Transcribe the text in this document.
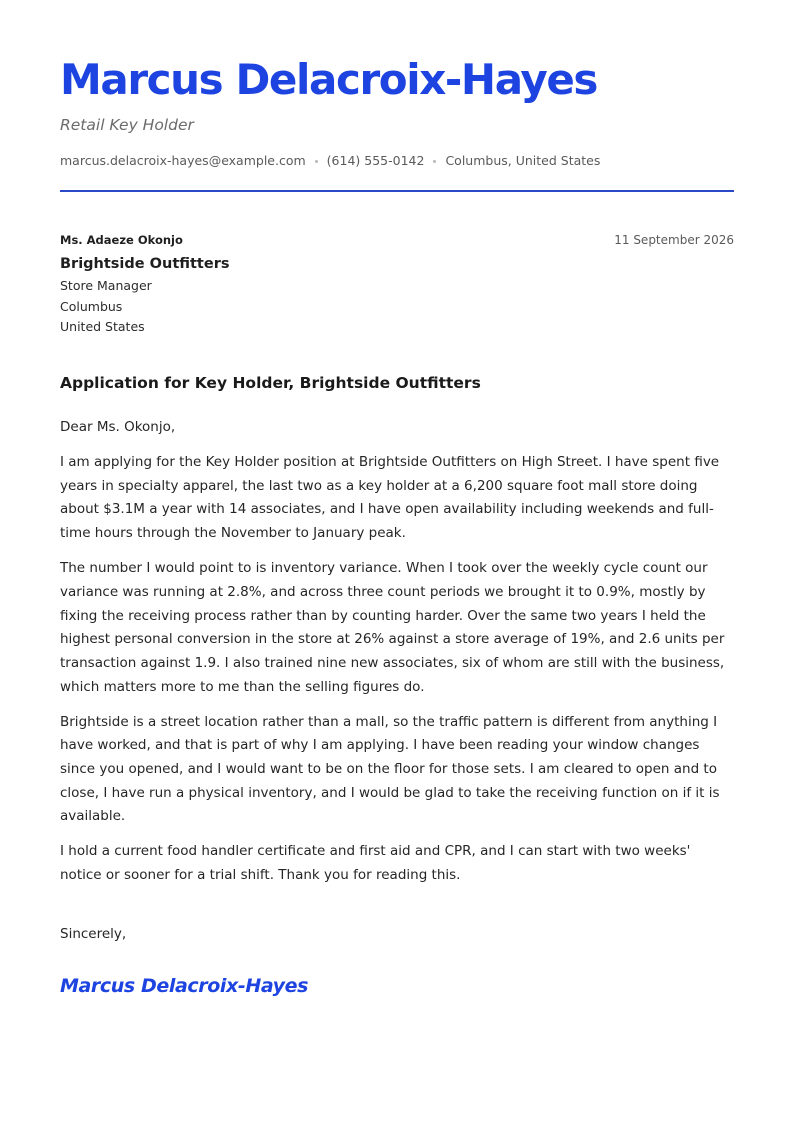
Marcus Delacroix-Hayes
Retail Key Holder
marcus.delacroix-hayes@example.com (614) 555-0142 Columbus, United States
Ms. Adaeze Okonjo	11 September 2026
Brightside Outfitters
Store Manager
Columbus
United States
Application for Key Holder, Brightside Outfitters

Dear Ms. Okonjo,

I am applying for the Key Holder position at Brightside Outfitters on High Street. I have spent five years in specialty apparel, the last two as a key holder at a 6,200 square foot mall store doing about $3.1M a year with 14 associates, and I have open availability including weekends and full-time hours through the November to January peak.

The number I would point to is inventory variance. When I took over the weekly cycle count our variance was running at 2.8%, and across three count periods we brought it to 0.9%, mostly by fixing the receiving process rather than by counting harder. Over the same two years I held the highest personal conversion in the store at 26% against a store average of 19%, and 2.6 units per transaction against 1.9. I also trained nine new associates, six of whom are still with the business, which matters more to me than the selling figures do.

Brightside is a street location rather than a mall, so the traffic pattern is different from anything I have worked, and that is part of why I am applying. I have been reading your window changes since you opened, and I would want to be on the floor for those sets. I am cleared to open and to close, I have run a physical inventory, and I would be glad to take the receiving function on if it is available.

I hold a current food handler certificate and first aid and CPR, and I can start with two weeks' notice or sooner for a trial shift. Thank you for reading this.

Sincerely,
Marcus Delacroix-Hayes
